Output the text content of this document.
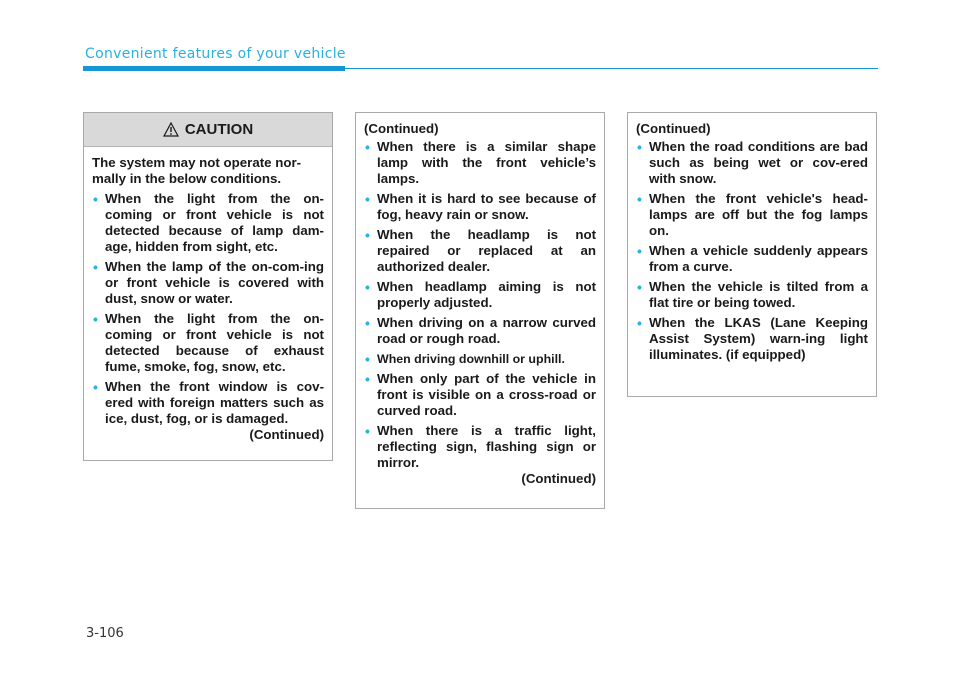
Convenient features of your vehicle
CAUTION

The system may not operate nor-mally in the below conditions.

• When the light from the on-coming or front vehicle is not detected because of lamp dam-age, hidden from sight, etc.
• When the lamp of the on-com-ing or front vehicle is covered with dust, snow or water.
• When the light from the on-coming or front vehicle is not detected because of exhaust fume, smoke, fog, snow, etc.
• When the front window is cov-ered with foreign matters such as ice, dust, fog, or is damaged.
(Continued)
(Continued)
• When there is a similar shape lamp with the front vehicle’s lamps.
• When it is hard to see because of fog, heavy rain or snow.
• When the headlamp is not repaired or replaced at an authorized dealer.
• When headlamp aiming is not properly adjusted.
• When driving on a narrow curved road or rough road.
• When driving downhill or uphill.
• When only part of the vehicle in front is visible on a cross-road or curved road.
• When there is a traffic light, reflecting sign, flashing sign or mirror.
(Continued)
(Continued)
• When the road conditions are bad such as being wet or cov-ered with snow.
• When the front vehicle's head-lamps are off but the fog lamps on.
• When a vehicle suddenly appears from a curve.
• When the vehicle is tilted from a flat tire or being towed.
• When the LKAS (Lane Keeping Assist System) warn-ing light illuminates. (if equipped)
3-106
